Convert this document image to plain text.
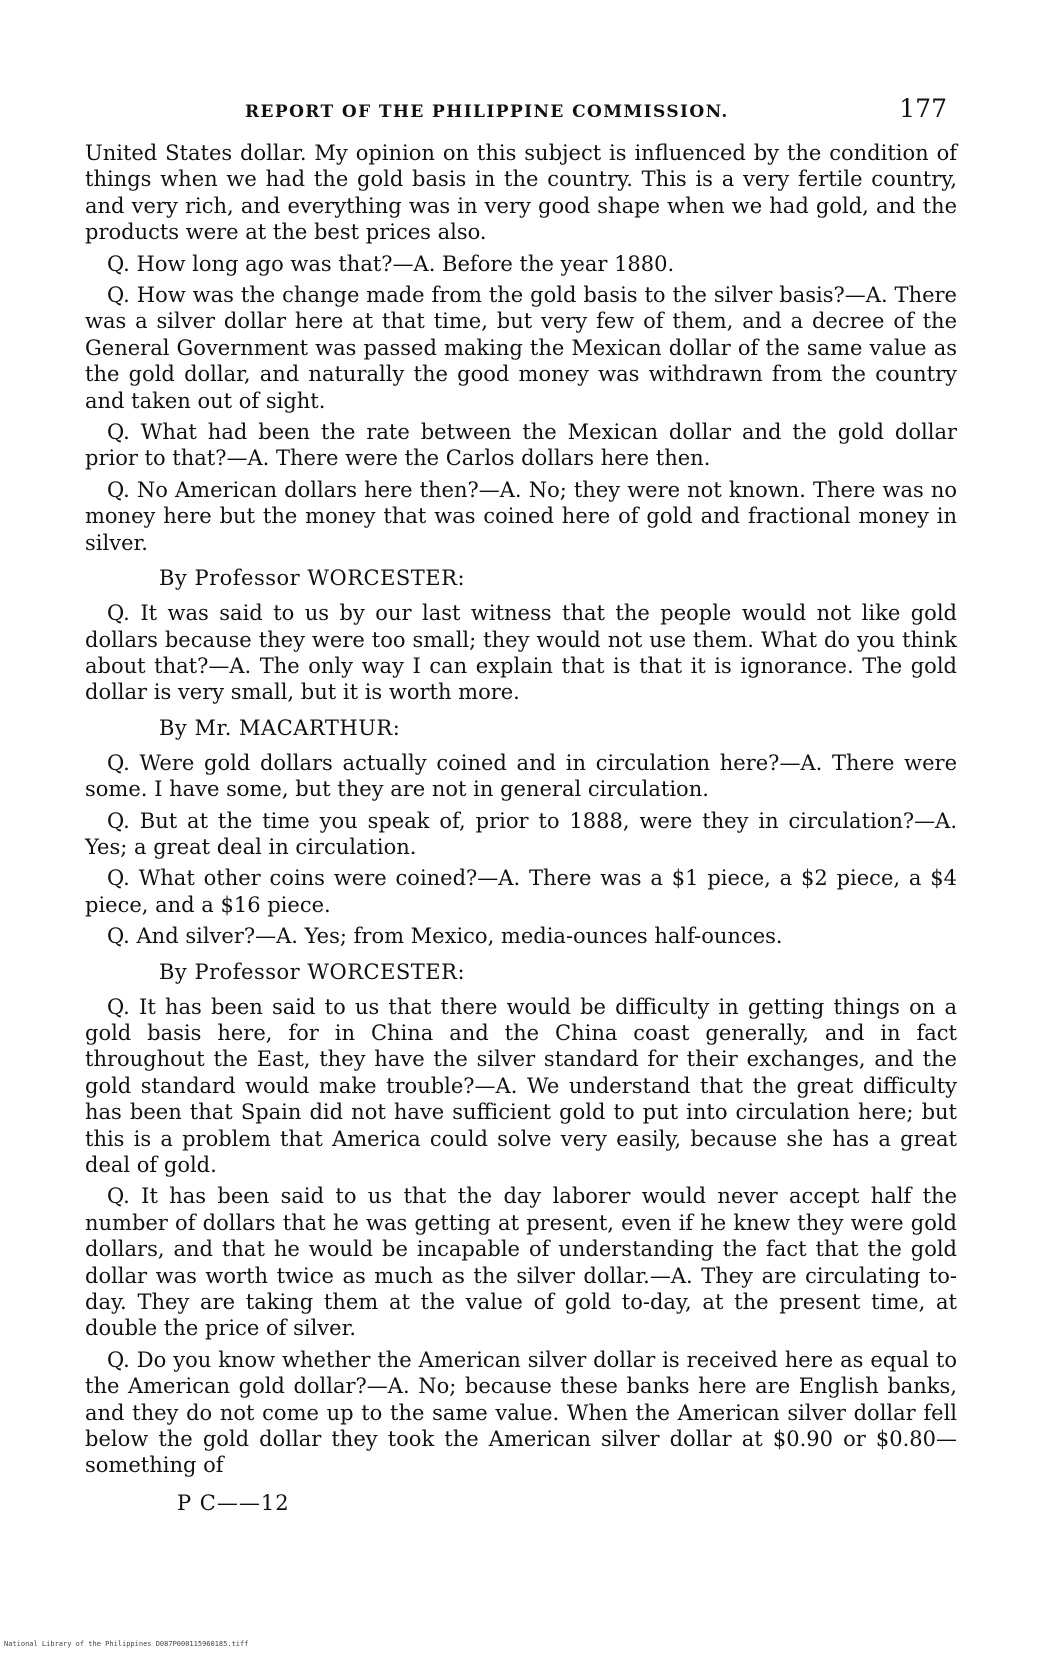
REPORT OF THE PHILIPPINE COMMISSION.	177

United States dollar. My opinion on this subject is influenced by the condition of things when we had the gold basis in the country. This is a very fertile country, and very rich, and everything was in very good shape when we had gold, and the products were at the best prices also.

Q. How long ago was that?—A. Before the year 1880.

Q. How was the change made from the gold basis to the silver basis?—A. There was a silver dollar here at that time, but very few of them, and a decree of the General Government was passed making the Mexican dollar of the same value as the gold dollar, and naturally the good money was withdrawn from the country and taken out of sight.

Q. What had been the rate between the Mexican dollar and the gold dollar prior to that?—A. There were the Carlos dollars here then.

Q. No American dollars here then?—A. No; they were not known. There was no money here but the money that was coined here of gold and fractional money in silver.

By Professor WORCESTER:

Q. It was said to us by our last witness that the people would not like gold dollars because they were too small; they would not use them. What do you think about that?—A. The only way I can explain that is that it is ignorance. The gold dollar is very small, but it is worth more.

By Mr. MACARTHUR:

Q. Were gold dollars actually coined and in circulation here?—A. There were some. I have some, but they are not in general circulation.

Q. But at the time you speak of, prior to 1888, were they in circulation?—A. Yes; a great deal in circulation.

Q. What other coins were coined?—A. There was a $1 piece, a $2 piece, a $4 piece, and a $16 piece.

Q. And silver?—A. Yes; from Mexico, media-ounces half-ounces.

By Professor WORCESTER:

Q. It has been said to us that there would be difficulty in getting things on a gold basis here, for in China and the China coast generally, and in fact throughout the East, they have the silver standard for their exchanges, and the gold standard would make trouble?—A. We understand that the great difficulty has been that Spain did not have sufficient gold to put into circulation here; but this is a problem that America could solve very easily, because she has a great deal of gold.

Q. It has been said to us that the day laborer would never accept half the number of dollars that he was getting at present, even if he knew they were gold dollars, and that he would be incapable of understanding the fact that the gold dollar was worth twice as much as the silver dollar.—A. They are circulating to-day. They are taking them at the value of gold to-day, at the present time, at double the price of silver.

Q. Do you know whether the American silver dollar is received here as equal to the American gold dollar?—A. No; because these banks here are English banks, and they do not come up to the same value. When the American silver dollar fell below the gold dollar they took the American silver dollar at $0.90 or $0.80—something of

P C——12
National Library of the Philippines D087P000115960185.tiff
